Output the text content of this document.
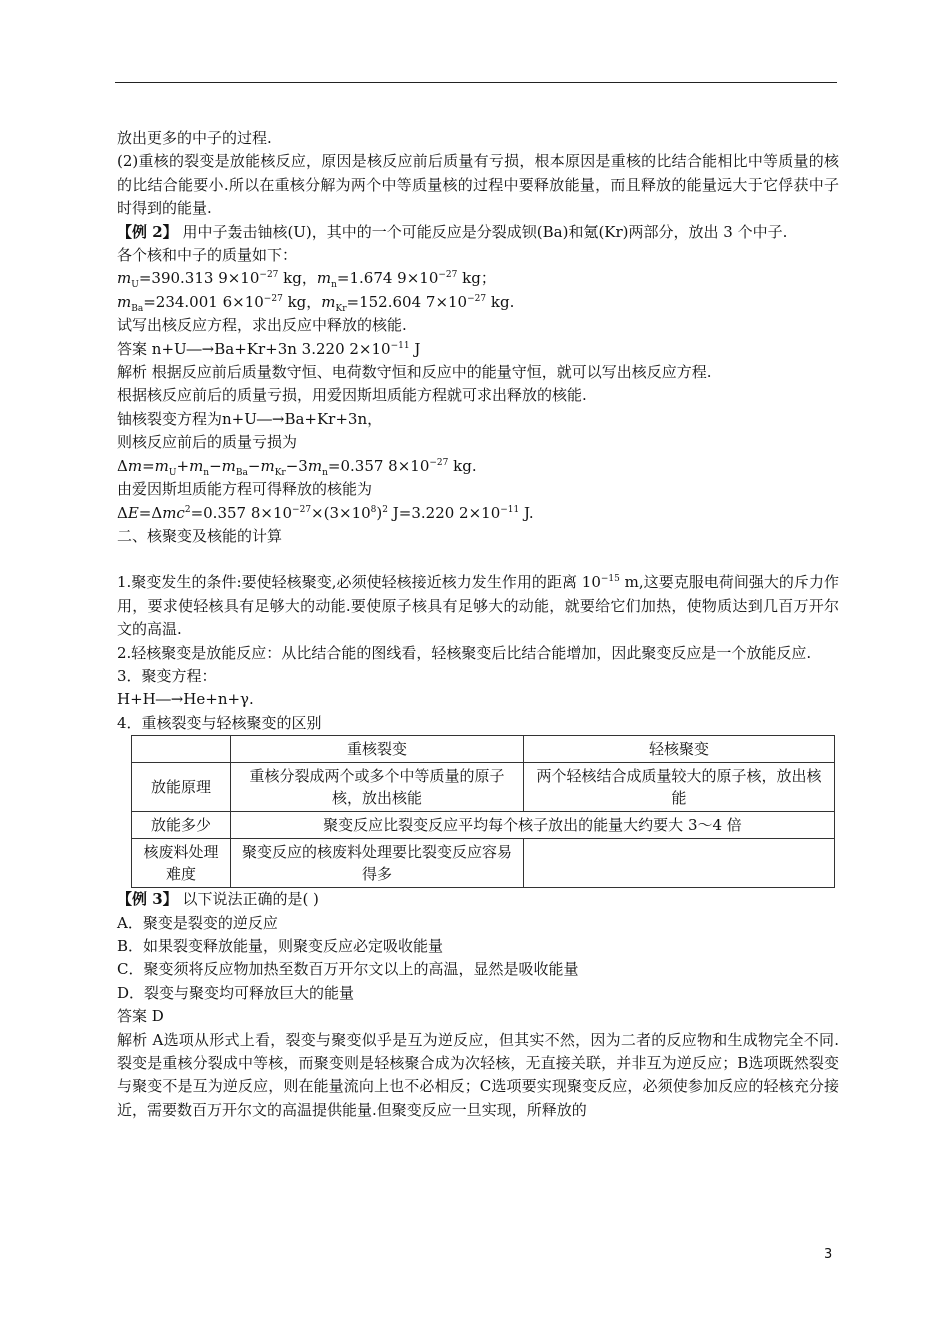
放出更多的中子的过程.

(2)重核的裂变是放能核反应，原因是核反应前后质量有亏损，根本原因是重核的比结合能相比中等质量的核的比结合能要小.所以在重核分解为两个中等质量核的过程中要释放能量，而且释放的能量远大于它俘获中子时得到的能量.

【例 2】 用中子轰击铀核(U)，其中的一个可能反应是分裂成钡(Ba)和氪(Kr)两部分，放出 3 个中子.

各个核和中子的质量如下：

$m_U=390.313$ $9\times 10^{-27}$ kg，$m_n=1.674$ $9\times 10^{-27}$ kg；

$m_{Ba}=234.001$ $6\times 10^{-27}$ kg，$m_{Kr}=152.604$ $7\times 10^{-27}$ kg.

试写出核反应方程，求出反应中释放的核能.

答案 n+U―→Ba+Kr+3n 3.220 $2\times 10^{-11}$ J

解析 根据反应前后质量数守恒、电荷数守恒和反应中的能量守恒，就可以写出核反应方程.

根据核反应前后的质量亏损，用爱因斯坦质能方程就可求出释放的核能.

铀核裂变方程为n+U―→Ba+Kr+3n，

则核反应前后的质量亏损为

$\Delta m=m_U+m_n-m_{Ba}-m_{Kr}-3m_n=0.357$ $8\times 10^{-27}$ kg.

由爱因斯坦质能方程可得释放的核能为

ΔE=Δmc$^2$=0.357 $8\times 10^{-27}\times(3\times 10^8)^2$ J=3.220 $2\times 10^{-11}$ J.

二、核聚变及核能的计算

1.聚变发生的条件:要使轻核聚变,必须使轻核接近核力发生作用的距离 $10^{-15}$ m,这要克服电荷间强大的斥力作用，要求使轻核具有足够大的动能.要使原子核具有足够大的动能，就要给它们加热，使物质达到几百万开尔文的高温.

2.轻核聚变是放能反应：从比结合能的图线看，轻核聚变后比结合能增加，因此聚变反应是一个放能反应.

3．聚变方程：

H+H―→He+n+γ.

4．重核裂变与轻核聚变的区别

	重核裂变	轻核聚变
放能原理	重核分裂成两个或多个中等质量的原子核，放出核能	两个轻核结合成质量较大的原子核，放出核能
放能多少	聚变反应比裂变反应平均每个核子放出的能量大约要大 3～4 倍	
核废料处理难度	聚变反应的核废料处理要比裂变反应容易得多	

【例 3】 以下说法正确的是( )

A．聚变是裂变的逆反应

B．如果裂变释放能量，则聚变反应必定吸收能量

C．聚变须将反应物加热至数百万开尔文以上的高温，显然是吸收能量

D．裂变与聚变均可释放巨大的能量

答案 D

解析 A选项从形式上看，裂变与聚变似乎是互为逆反应，但其实不然，因为二者的反应物和生成物完全不同.裂变是重核分裂成中等核，而聚变则是轻核聚合成为次轻核，无直接关联，并非互为逆反应；B选项既然裂变与聚变不是互为逆反应，则在能量流向上也不必相反；C选项要实现聚变反应，必须使参加反应的轻核充分接近，需要数百万开尔文的高温提供能量.但聚变反应一旦实现，所释放的

3
